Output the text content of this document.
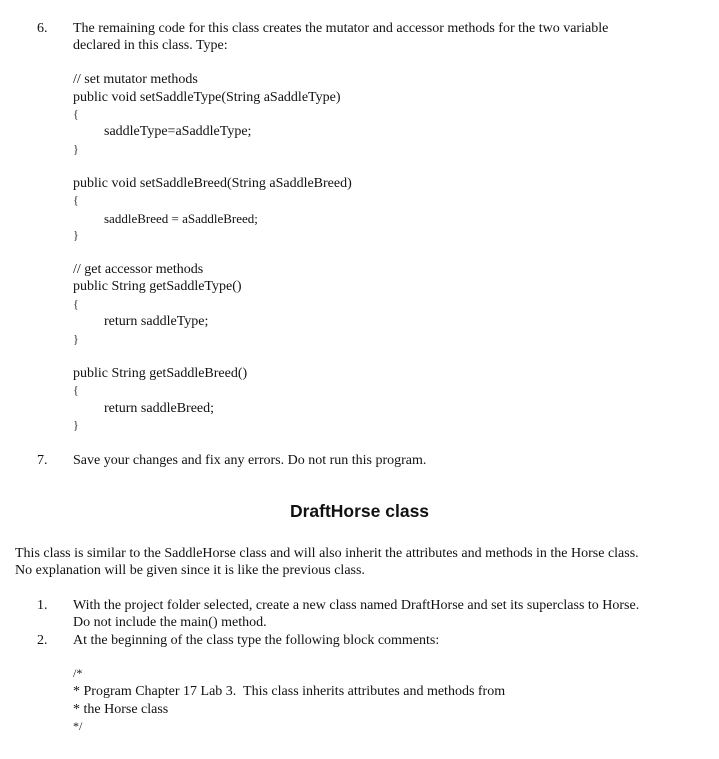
6.	The remaining code for this class creates the mutator and accessor methods for the two variable
declared in this class. Type:
// set mutator methods
public void setSaddleType(String aSaddleType)
{
saddleType=aSaddleType;
}
public void setSaddleBreed(String aSaddleBreed)
{
saddleBreed = aSaddleBreed;
}
// get accessor methods
public String getSaddleType()
{
return saddleType;
}
public String getSaddleBreed()
{
return saddleBreed;
}
7.	Save your changes and fix any errors. Do not run this program.
DraftHorse class
This class is similar to the SaddleHorse class and will also inherit the attributes and methods in the Horse class.
No explanation will be given since it is like the previous class.
1.	With the project folder selected, create a new class named DraftHorse and set its superclass to Horse.
Do not include the main() method.
2.	At the beginning of the class type the following block comments:
/*
* Program Chapter 17 Lab 3.  This class inherits attributes and methods from
* the Horse class
*/
